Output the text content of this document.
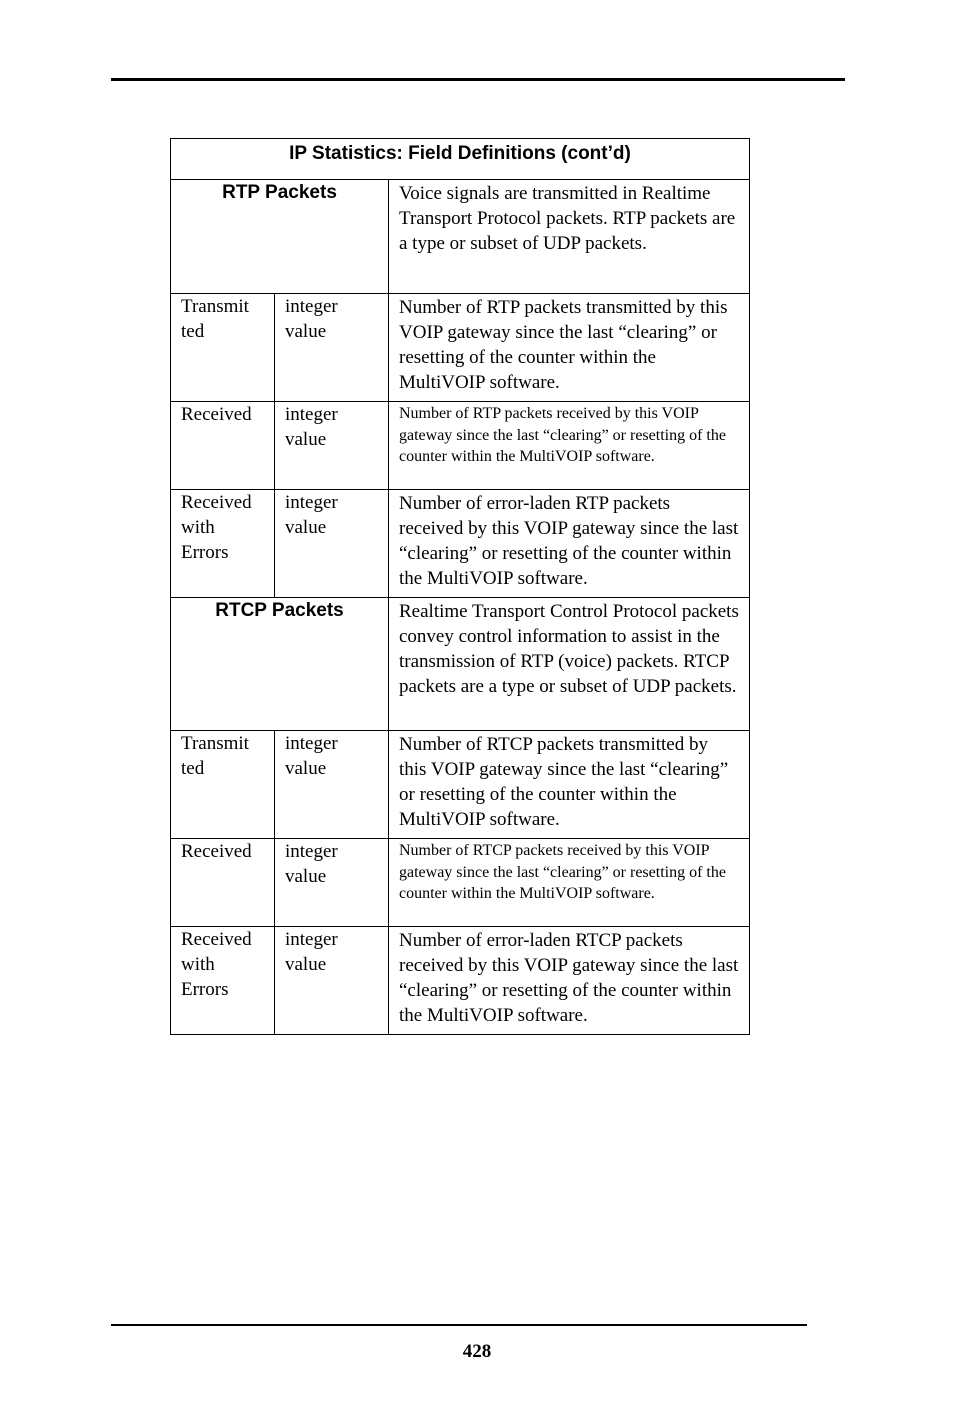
IP Statistics: Field Definitions (cont’d)		
RTP Packets		Voice signals are transmitted in Realtime Transport Protocol packets. RTP packets are a type or subset of UDP packets.
Transmit ted	integer value	Number of RTP packets transmitted by this VOIP gateway since the last “clearing” or resetting of the counter within the MultiVOIP software.
Received	integer value	Number of RTP packets received by this VOIP gateway since the last “clearing” or resetting of the counter within the MultiVOIP software.
Received with Errors	integer value	Number of error-laden RTP packets received by this VOIP gateway since the last “clearing” or resetting of the counter within the MultiVOIP software.
RTCP Packets		Realtime Transport Control Protocol packets convey control information to assist in the transmission of RTP (voice) packets. RTCP packets are a type or subset of UDP packets.
Transmit ted	integer value	Number of RTCP packets transmitted by this VOIP gateway since the last “clearing” or resetting of the counter within the MultiVOIP software.
Received	integer value	Number of RTCP packets received by this VOIP gateway since the last “clearing” or resetting of the counter within the MultiVOIP software.
Received with Errors	integer value	Number of error-laden RTCP packets received by this VOIP gateway since the last “clearing” or resetting of the counter within the MultiVOIP software.
428
